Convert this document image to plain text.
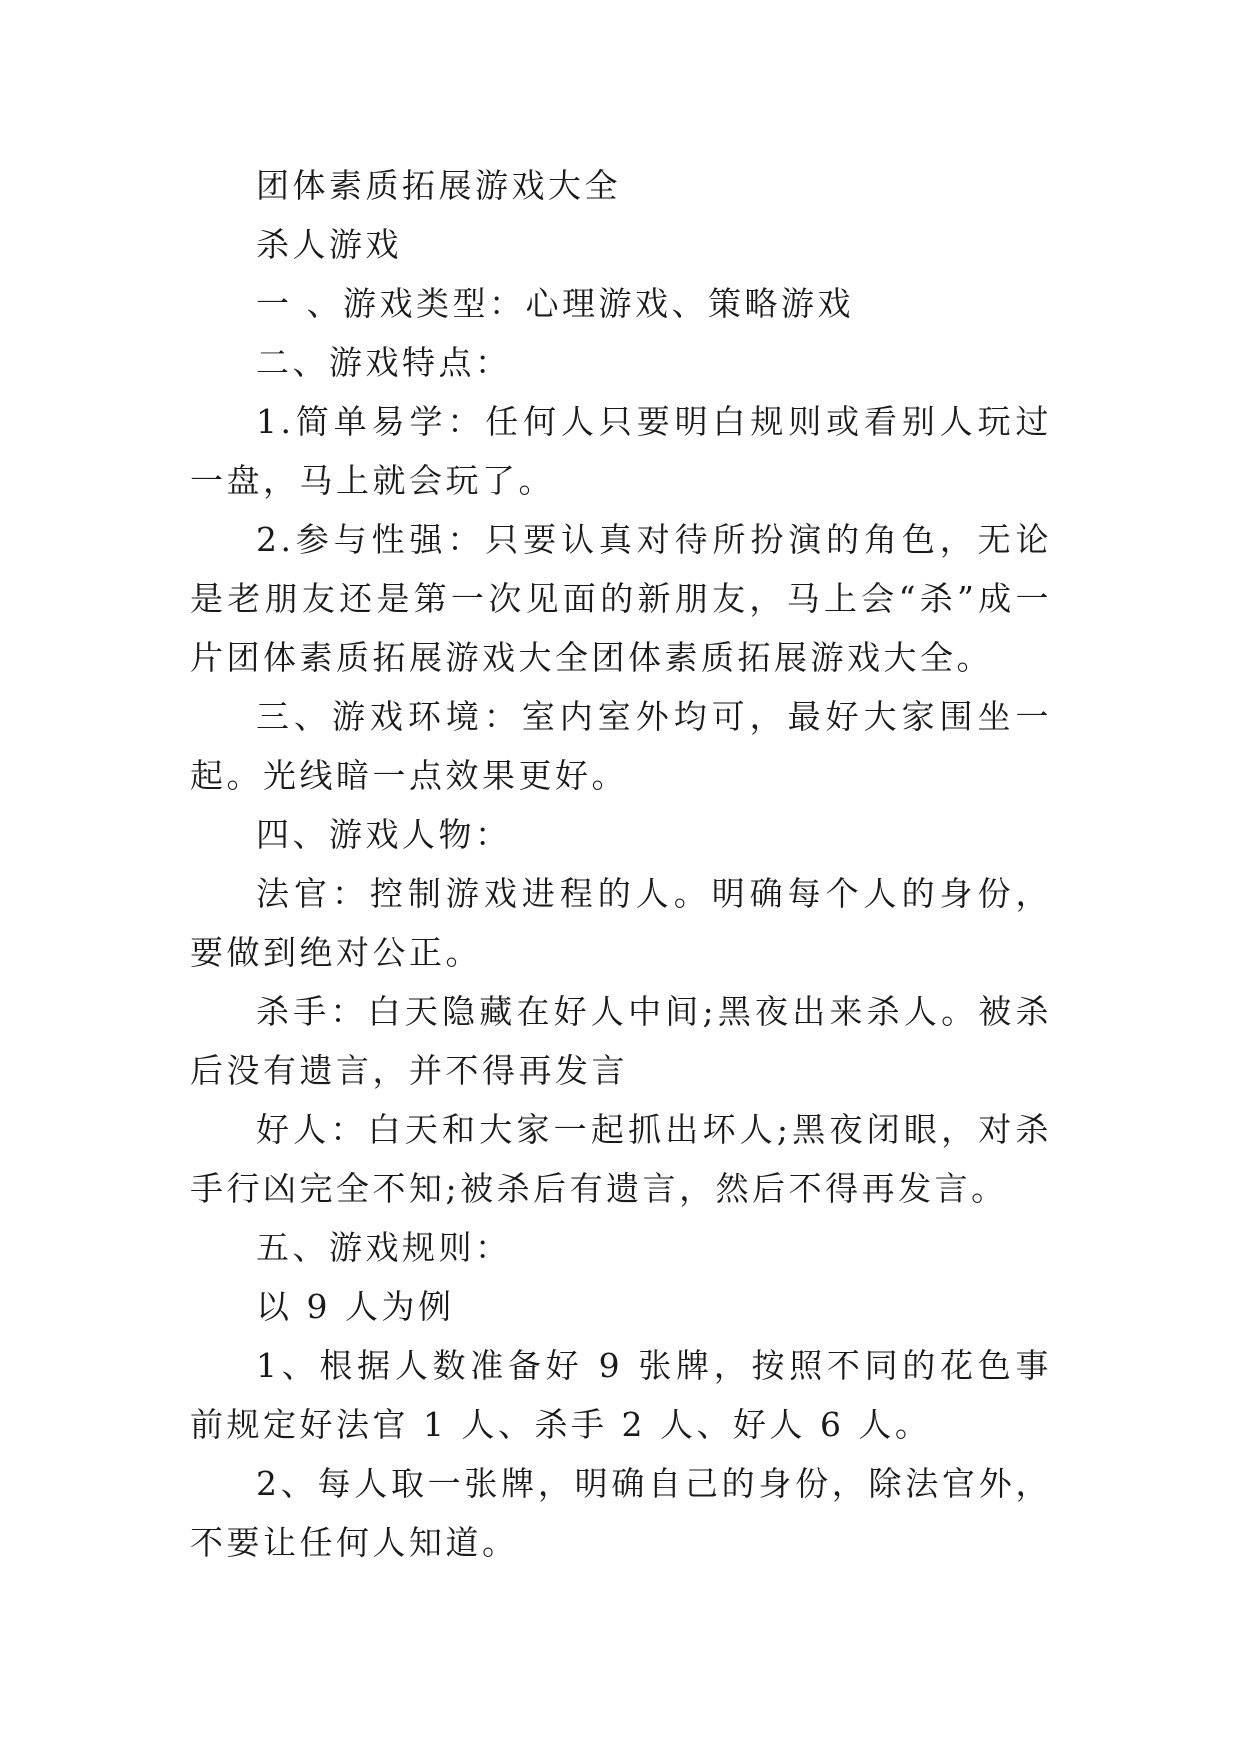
团体素质拓展游戏大全

杀人游戏

一 、游戏类型：心理游戏、策略游戏

二、游戏特点：

1.简单易学：任何人只要明白规则或看别人玩过一盘，马上就会玩了。

2.参与性强：只要认真对待所扮演的角色，无论是老朋友还是第一次见面的新朋友，马上会“杀”成一片团体素质拓展游戏大全团体素质拓展游戏大全。

三、游戏环境：室内室外均可，最好大家围坐一起。光线暗一点效果更好。

四、游戏人物：

法官：控制游戏进程的人。明确每个人的身份，要做到绝对公正。

杀手：白天隐藏在好人中间;黑夜出来杀人。被杀后没有遗言，并不得再发言

好人：白天和大家一起抓出坏人;黑夜闭眼，对杀手行凶完全不知;被杀后有遗言，然后不得再发言。

五、游戏规则：

以 9 人为例

1、根据人数准备好 9 张牌，按照不同的花色事前规定好法官 1 人、杀手 2 人、好人 6 人。

2、每人取一张牌，明确自己的身份，除法官外，不要让任何人知道。
